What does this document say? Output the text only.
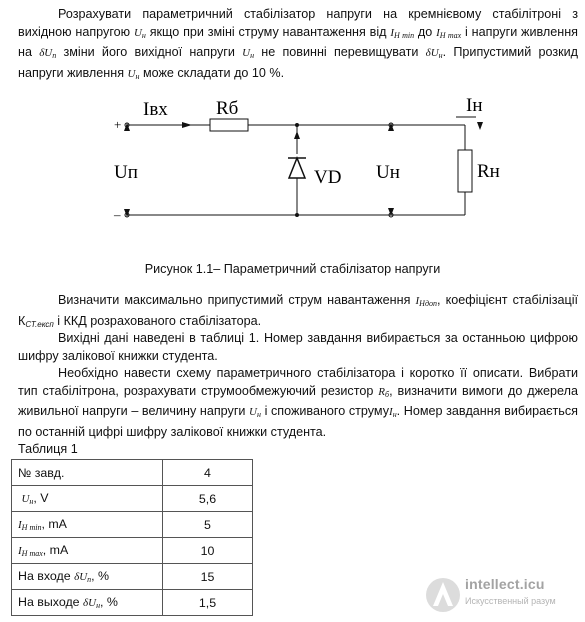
Розрахувати параметричний стабілізатор напруги на кремнієвому стабілітроні з вихідною напругою $U_н$ якщо при зміні струму навантаження від $I_{Н min}$ до $I_{Н max}$ і напруги живлення на $\delta U_п$ зміни його вихідної напруги $U_н$ не повинні перевищувати $\delta U_н$. Припустимий розкид напруги живлення $U_н$ може складати до 10 %.
Iвх	Rб	Iн
Uп	VD Uн	Rн
+
–
Рисунок 1.1– Параметричний стабілізатор напруги
Визначити максимально припустимий струм навантаження $I_{Ндоп}$, коефіцієнт стабілізації $К_{СТ.експ}$ і ККД розрахованого стабілізатора.
Вихідні дані наведені в таблиці 1. Номер завдання вибирається за останньою цифрою шифру залікової книжки студента.
Необхідно навести схему параметричного стабілізатора і коротко її описати. Вибрати тип стабілітрона, розрахувати струмообмежуючий резистор $R_б$, визначити вимоги до джерела живильної напруги – величину напруги $U_н$ і споживаного струмуI$_н$. Номер завдання вибирається по останній цифрі шифру залікової книжки студента.
Таблиця 1
№ завд.	4
$U_н$, V	5,6
$I_{Н min}$, mA	5
$I_{Н max}$, mA	10
На входе $\delta U_п$, %	15
На выходе $\delta U_н$, %	1,5
intellect.icu
Искусственный разум
